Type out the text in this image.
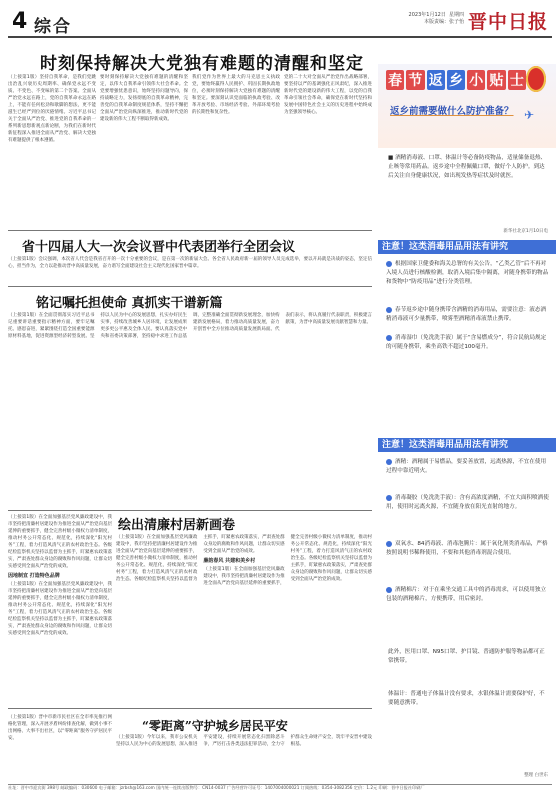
4 综合
2023年1月12日  星期四
本版责编：张子怡 晋中日报
时刻保持解决大党独有难题的清醒和坚定
（上接第1版）坚持自我革命，是我们党跳出治乱兴衰历史周期率、确保党永远不变质、不变色、不变味的第二个答案。全面从严治党永远在路上，党的自我革命永远在路上，不能有任何松劲和歇脚的想法，更不能滋生已经严到位的厌倦情绪。习近平总书记关于全面从严治党、推进党的自我革命的一系列新思想新观点新论断，为我们在新时代新征程深入推进全面从严治党、解决大党独有难题提供了根本遵循。
要时刻保持解决大党独有难题的清醒和坚定，以伟大自我革命引领伟大社会革命。全党要增强忧患意识，始终坚持问题导向，保持战略定力，发扬彻底的自我革命精神，完善党的自我革命制度规范体系，坚持不懈把全面从严治党向纵深推进，推动新时代党的建设新的伟大工程不断取得新成效。
我们党作为世界上最大的马克思主义执政党，要始终赢得人民拥护、巩固长期执政地位，必须时刻保持解决大党独有难题的清醒和坚定。要深刻认识党面临的执政考验、改革开放考验、市场经济考验、外部环境考验的长期性和复杂性。
党的二十大对全面从严治党作出战略部署，要坚持以严的基调强化正风肃纪，深入推进新时代党的建设新的伟大工程，以党的自我革命引领社会革命，确保党在新时代坚持和发展中国特色社会主义的历史进程中始终成为坚强领导核心。
省十四届人大一次会议晋中代表团举行全团会议
（上接第1版）会议强调，本次省人代会是我省召开的一次十分重要的会议，是在第一次的新届大会。各全省人民政府新一届的领导人员完成选举，要以开局就是决战的姿态，坚定信心，担当作为，全力以赴推动晋中高质量发展，奋力谱写全面建设社会主义现代化国家晋中篇章。
铭记嘱托担使命 真抓实干谱新篇
（上接第1版）在全面贯彻落实习近平总书记重要讲话重要指示精神方面，要牢记嘱托、感恩奋进，紧紧围绕打造全国重要能源原材料基地，促进资源型经济转型发展。坚持以人民为中心的发展思想，扎实办好民生实事，持续改善城乡人居环境，让发展成果更多更公平惠及全体人民。要认真落实党中央和省委决策部署，坚持稳中求进工作总基调，完整准确全面贯彻新发展理念，加快构建新发展格局，着力推动高质量发展，奋力开创晋中全方位推动高质量发展新局面。代表们表示，将认真履行代表职责，积极建言献策，为晋中高质量发展贡献智慧和力量。
（上接第1版）在全面加强基层党风廉政建设中，我市坚持把清廉村居建设作为推进全面从严治党向基层延伸的重要抓手，健全完善村级小微权力清单制度，推动村务公开常态化、规范化，持续深化“阳光村务”工程，着力打造风清气正的农村政治生态。各级纪检监察机关坚持以监督为主抓手，盯紧惠农政策落实，严肃查处群众身边的腐败和作风问题，让群众切实感受到全面从严治党的成效。
因地制宜 打造特色品牌
（上接第1版）在全面加强基层党风廉政建设中，我市坚持把清廉村居建设作为推进全面从严治党向基层延伸的重要抓手，健全完善村级小微权力清单制度，推动村务公开常态化、规范化，持续深化“阳光村务”工程，着力打造风清气正的农村政治生态。各级纪检监察机关坚持以监督为主抓手，盯紧惠农政策落实，严肃查处群众身边的腐败和作风问题，让群众切实感受到全面从严治党的成效。
绘出清廉村居新画卷
（上接第1版）在全面加强基层党风廉政建设中，我市坚持把清廉村居建设作为推进全面从严治党向基层延伸的重要抓手，健全完善村级小微权力清单制度，推动村务公开常态化、规范化，持续深化“阳光村务”工程，着力打造风清气正的农村政治生态。各级纪检监察机关坚持以监督为主抓手，盯紧惠农政策落实，严肃查处群众身边的腐败和作风问题，让群众切实感受到全面从严治党的成效。
廉韵春风 共建和美乡村
（上接第1版）在全面加强基层党风廉政建设中，我市坚持把清廉村居建设作为推进全面从严治党向基层延伸的重要抓手，健全完善村级小微权力清单制度，推动村务公开常态化、规范化，持续深化“阳光村务”工程，着力打造风清气正的农村政治生态。各级纪检监察机关坚持以监督为主抓手，盯紧惠农政策落实，严肃查处群众身边的腐败和作风问题，让群众切实感受到全面从严治党的成效。
（上接第1版）晋中市新市民社区在全市率先推行网格化管理，深入开展矛盾纠纷排查化解，做到小事不出网格、大事不出社区，以“零距离”服务守护居民平安。
“零距离”守护城乡居民平安
（上接第1版）今年以来，我市公安机关坚持以人民为中心的发展思想，深入推进平安建设，持续开展常态化扫黑除恶斗争，严厉打击各类违法犯罪活动，全力守护群众生命财产安全，筑牢平安晋中建设根基。
春 节 返 乡 小 贴 士
返乡前需要做什么防护准备？ ✈
■ 酒精消毒液、口罩、体温计等必备防疫物品，适量储备退热、止咳等常用药品。返乡途中全程佩戴口罩，做好个人防护。到达后关注自身健康状况，如出现发热等症状及时就医。
新华社北京1月10日电
注意！这类消毒用品用法有讲究
根据国家卫健委和海关总署的有关公告，“乙类乙管”后不再对入境人员进行核酸检测，取消入境后集中隔离，对随身携带的物品和货物中“防疫用品”进行分类管理。
春节返乡途中随身携带含酒精的消毒用品，需要注意：液态酒精消毒液可少量携带，喷雾型酒精消毒液禁止携带。
消毒湿巾（免洗洗手液）属于“含易燃成分”，符合民航局规定的可随身携带，乘坐高铁不超过100毫升。
注意！这类消毒用品用法有讲究
酒精：酒精属于易燃品，要妥善放置，远离热源，不宜在使用过程中靠近明火。
消毒凝胶（免洗洗手液）：含有高浓度酒精，不宜大面积喷洒使用，使用时远离火源，不宜随身放在阳光直射的地方。
双氧水、84消毒液、消毒泡腾片：属于氧化剂类消毒品，严格按照说明书稀释使用，不要和其他消毒剂混合使用。
酒精棉片：对于在乘坐交通工具中的消毒需求，可以使用独立包装的酒精棉片，方便携带，用后密封。
此外，医用口罩、N95口罩、护目镜、普通防护服等物品都可正常携带。
体温计：普通电子体温计没有要求，水银体温计需要保护好，不要随意携带。
整理 白世东
社址：晋中市迎宾街 398号 邮政编码：030600 电子邮箱：jzrbsh@163.com 国内统一连续出版物号：CN14-0037 广告经营许可证号：1407004000021 订阅热线：0354-3082356 定价：1.2元 印刷：晋中日报社印刷厂
